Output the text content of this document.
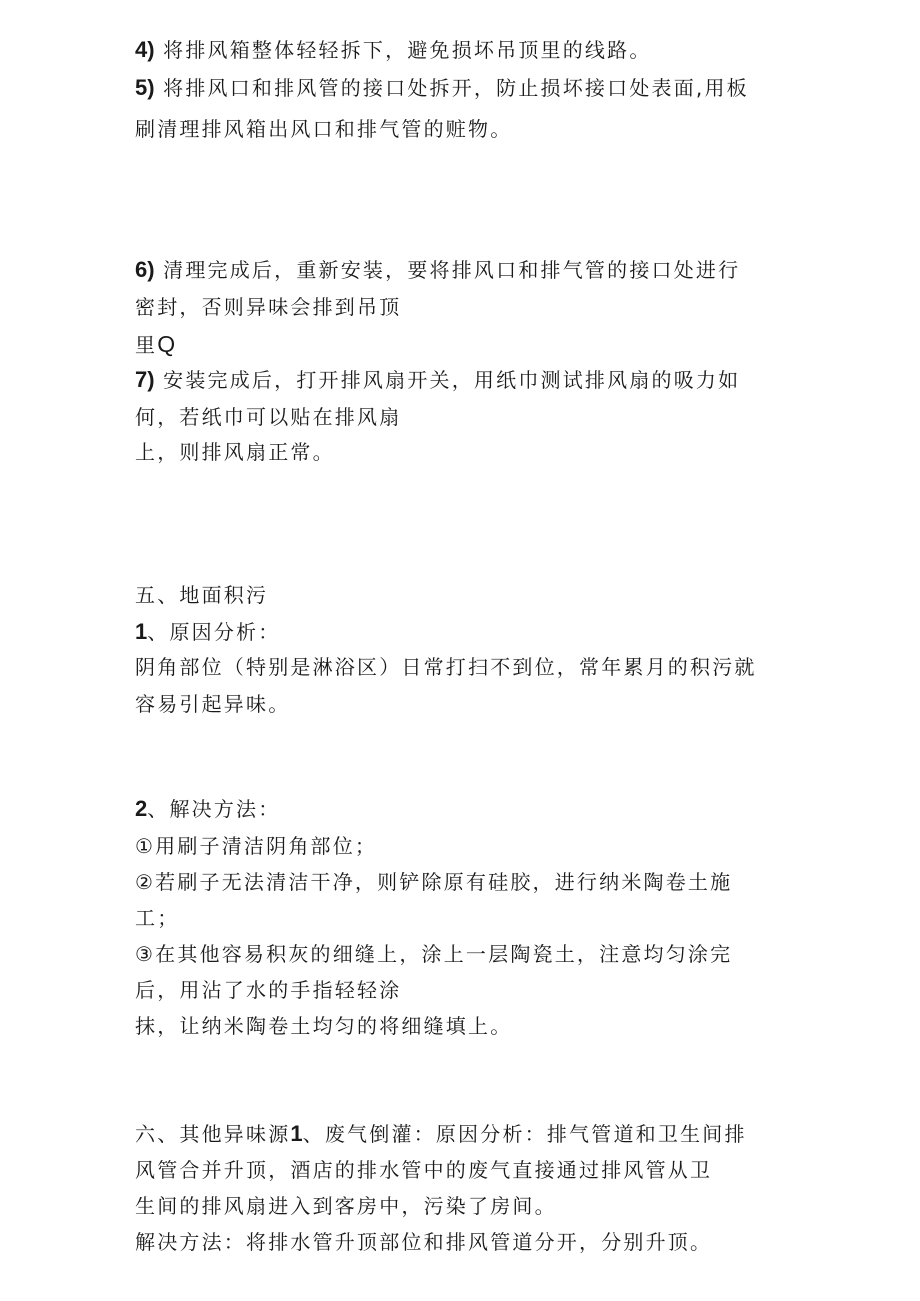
4) 将排风箱整体轻轻拆下，避免损坏吊顶里的线路。
5) 将排风口和排风管的接口处拆开，防止损坏接口处表面,用板
刷清理排风箱出风口和排气管的赃物。
6) 清理完成后，重新安装，要将排风口和排气管的接口处进行
密封，否则异味会排到吊顶
里Q
7) 安装完成后，打开排风扇开关，用纸巾测试排风扇的吸力如
何，若纸巾可以贴在排风扇
上，则排风扇正常。
五、地面积污
1、原因分析：
阴角部位（特别是淋浴区）日常打扫不到位，常年累月的积污就
容易引起异味。
2、解决方法：
①用刷子清洁阴角部位；
②若刷子无法清洁干净，则铲除原有硅胶，进行纳米陶卷土施
工；
③在其他容易积灰的细缝上，涂上一层陶瓷土，注意均匀涂完
后，用沾了水的手指轻轻涂
抹，让纳米陶卷土均匀的将细缝填上。
六、其他异味源1、废气倒灌：原因分析：排气管道和卫生间排
风管合并升顶，酒店的排水管中的废气直接通过排风管从卫
生间的排风扇进入到客房中，污染了房间。
解决方法：将排水管升顶部位和排风管道分开，分别升顶。
